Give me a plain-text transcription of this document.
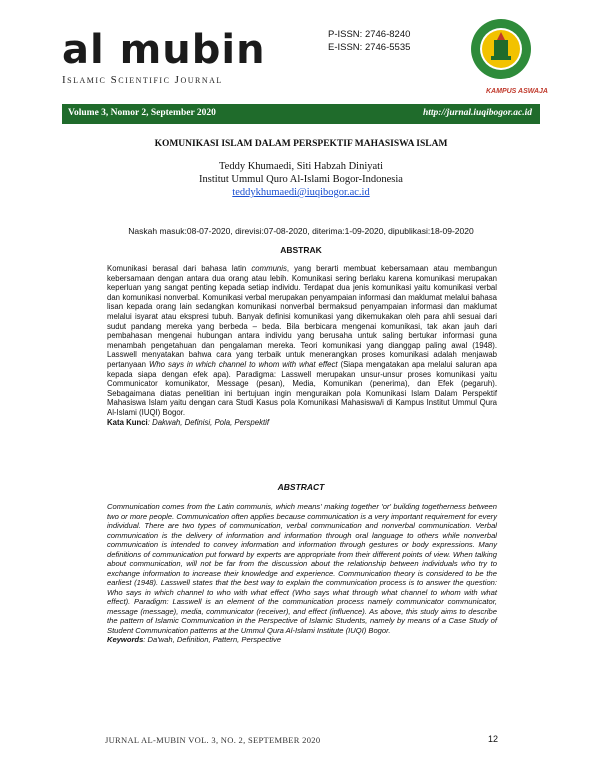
al mubin
Islamic Scientific Journal
P-ISSN: 2746-8240
E-ISSN: 2746-5535
KAMPUS ASWAJA
Volume 3, Nomor 2, September 2020	http://jurnal.iuqibogor.ac.id
KOMUNIKASI ISLAM DALAM PERSPEKTIF MAHASISWA ISLAM
Teddy Khumaedi, Siti Habzah Diniyati
Institut Ummul Quro Al-Islami Bogor-Indonesia
teddykhumaedi@iuqibogor.ac.id
Naskah masuk:08-07-2020, direvisi:07-08-2020, diterima:1-09-2020, dipublikasi:18-09-2020
ABSTRAK
Komunikasi berasal dari bahasa latin communis, yang berarti membuat kebersamaan atau membangun kebersamaan dengan antara dua orang atau lebih. Komunikasi sering berlaku karena komunikasi merupakan keperluan yang sangat penting kepada setiap individu. Terdapat dua jenis komunikasi yaitu komunikasi verbal dan komunikasi nonverbal. Komunikasi verbal merupakan penyampaian informasi dan maklumat melalui bahasa lisan kepada orang lain sedangkan komunikasi nonverbal bermaksud penyampaian informasi dan maklumat melalui isyarat atau ekspresi tubuh. Banyak definisi komunikasi yang dikemukakan oleh para ahli sesuai dari sudut pandang mereka yang berbeda – beda. Bila berbicara mengenai komunikasi, tak akan jauh dari pembahasan mengenai hubungan antara individu yang berusaha untuk saling bertukar informasi guna menambah pengetahuan dan pengalaman mereka. Teori komunikasi yang dianggap paling awal (1948). Lasswell menyatakan bahwa cara yang terbaik untuk menerangkan proses komunikasi adalah menjawab pertanyaan Who says in which channel to whom with what effect (Siapa mengatakan apa melalui saluran apa kepada siapa dengan efek apa). Paradigma: Lasswell merupakan unsur-unsur proses komunikasi yaitu Communicator komunikator, Message (pesan), Media, Komunikan (penerima), dan Efek (pegaruh). Sebagaimana diatas penelitian ini bertujuan ingin menguraikan pola Komunikasi Islam Dalam Perspektif Mahasiswa Islam yaitu dengan cara Studi Kasus pola Komunikasi Mahasiswa/i di Kampus Institut Ummul Qura Al-Islami (IUQI) Bogor.
Kata Kunci: Dakwah, Definisi, Pola, Perspektif
ABSTRACT
Communication comes from the Latin communis, which means' making together 'or' building togetherness between two or more people. Communication often applies because communication is a very important requirement for every individual. There are two types of communication, verbal communication and nonverbal communication. Verbal communication is the delivery of information and information through oral language to others while nonverbal communication is intended to convey information and information through gestures or body expressions. Many definitions of communication put forward by experts are appropriate from their different points of view. When talking about communication, will not be far from the discussion about the relationship between individuals who try to exchange information to increase their knowledge and experience. Communication theory is considered to be the earliest (1948). Lasswell states that the best way to explain the communication process is to answer the question: Who says in which channel to who with what effect (Who says what through what channel to whom with what effect). Paradigm: Lasswell is an element of the communication process namely communicator communicator, message (message), media, communicator (receiver), and effect (influence). As above, this study aims to describe the pattern of Islamic Communication in the Perspective of Islamic Students, namely by means of a Case Study of Student Communication patterns at the Ummul Qura Al-Islami Institute (IUQI) Bogor.
Keywords: Da'wah, Definition, Pattern, Perspective
JURNAL AL-MUBIN VOL. 3, NO. 2, SEPTEMBER 2020	12
